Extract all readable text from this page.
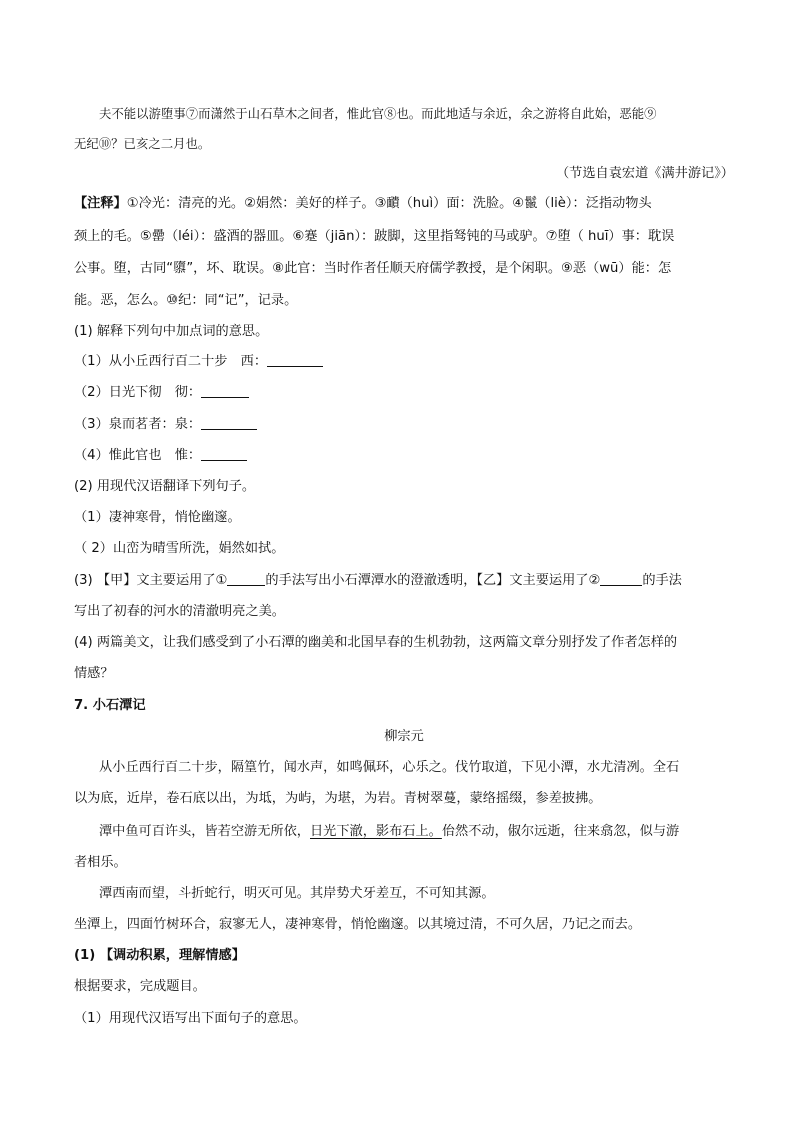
夫不能以游堕事⑦而潇然于山石草木之间者，惟此官⑧也。而此地适与余近，余之游将自此始，恶能⑨
无纪⑩？已亥之二月也。
（节选自袁宏道《满井游记》）
【注释】①冷光：清亮的光。②娟然：美好的样子。③靧（huì）面：洗脸。④鬣（liè）：泛指动物头
颈上的毛。⑤罍（léi）：盛酒的器皿。⑥蹇（jiān）：跛脚，这里指驽钝的马或驴。⑦堕（ huī）事：耽误
公事。堕，古同“隳”，坏、耽误。⑧此官：当时作者任顺天府儒学教授，是个闲职。⑨恶（wū）能：怎
能。恶，怎么。⑩纪：同“记”，记录。
(1) 解释下列句中加点词的意思。
（1）从小丘西行百二十步　西：
（2）日光下彻　彻：
（3）泉而茗者：泉：
（4）惟此官也　惟：
(2) 用现代汉语翻译下列句子。
（1）凄神寒骨，悄怆幽邃。
（ 2）山峦为晴雪所洗，娟然如拭。
(3) 【甲】文主要运用了①	的手法写出小石潭潭水的澄澈透明，【乙】文主要运用了②	的手法
写出了初春的河水的清澈明亮之美。
(4) 两篇美文，让我们感受到了小石潭的幽美和北国早春的生机勃勃，这两篇文章分别抒发了作者怎样的
情感？
7. 小石潭记
柳宗元
从小丘西行百二十步，隔篁竹，闻水声，如鸣佩环，心乐之。伐竹取道，下见小潭，水尤清冽。全石
以为底，近岸，卷石底以出，为坻，为屿，为堪，为岩。青树翠蔓，蒙络摇缀，参差披拂。
潭中鱼可百许头，皆若空游无所依，日光下澈，影布石上。佁然不动，俶尔远逝，往来翕忽，似与游
者相乐。
潭西南而望，斗折蛇行，明灭可见。其岸势犬牙差互，不可知其源。
坐潭上，四面竹树环合，寂寥无人，凄神寒骨，悄怆幽邃。以其境过清，不可久居，乃记之而去。
(1) 【调动积累，理解情感】
根据要求，完成题目。
（1）用现代汉语写出下面句子的意思。
